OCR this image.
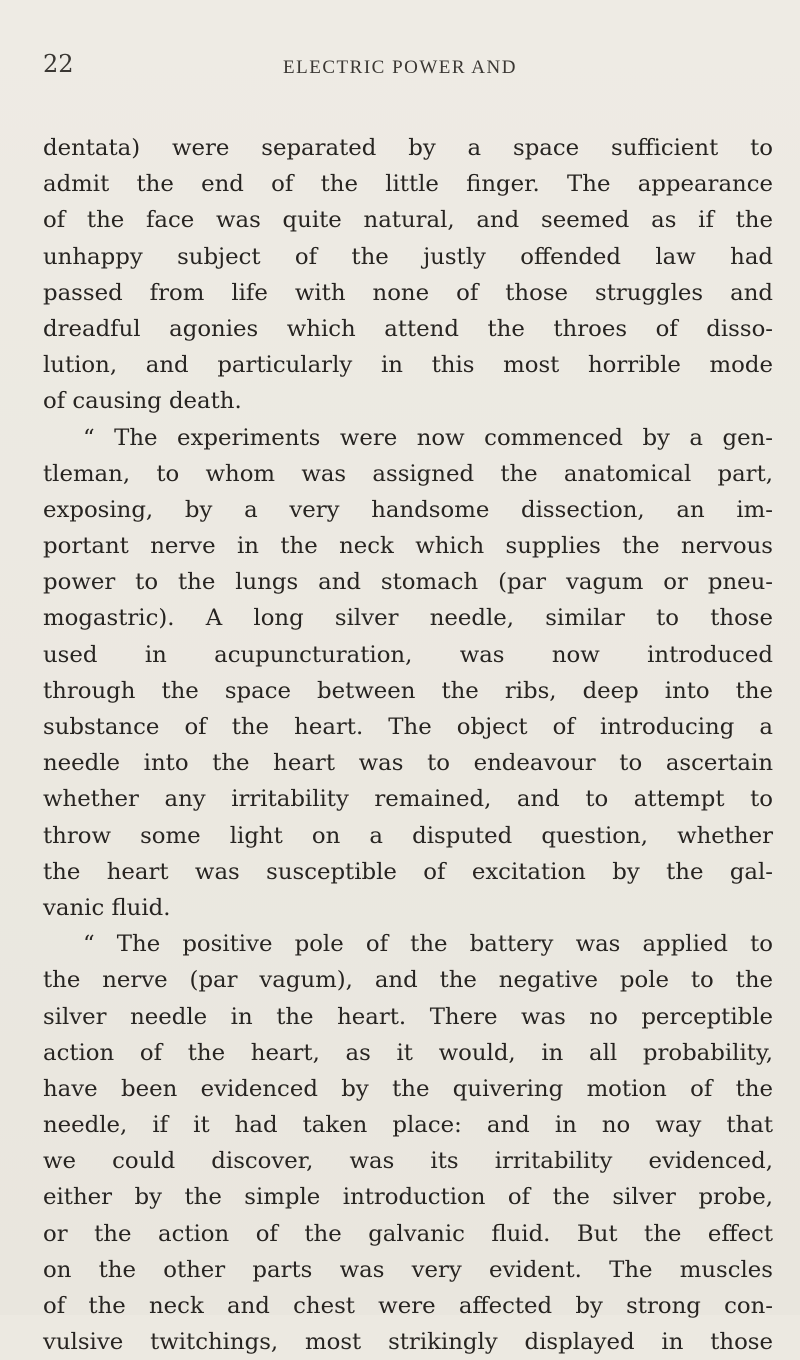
22	ELECTRIC POWER AND
dentata) were separated by a space sufficient to
admit the end of the little finger. The appearance
of the face was quite natural, and seemed as if the
unhappy subject of the justly offended law had
passed from life with none of those struggles and
dreadful agonies which attend the throes of disso-
lution, and particularly in this most horrible mode
of causing death.
“ The experiments were now commenced by a gen-
tleman, to whom was assigned the anatomical part,
exposing, by a very handsome dissection, an im-
portant nerve in the neck which supplies the nervous
power to the lungs and stomach (par vagum or pneu-
mogastric). A long silver needle, similar to those
used in acupuncturation, was now introduced
through the space between the ribs, deep into the
substance of the heart. The object of introducing a
needle into the heart was to endeavour to ascertain
whether any irritability remained, and to attempt to
throw some light on a disputed question, whether
the heart was susceptible of excitation by the gal-
vanic fluid.
“ The positive pole of the battery was applied to
the nerve (par vagum), and the negative pole to the
silver needle in the heart. There was no perceptible
action of the heart, as it would, in all probability,
have been evidenced by the quivering motion of the
needle, if it had taken place: and in no way that
we could discover, was its irritability evidenced,
either by the simple introduction of the silver probe,
or the action of the galvanic fluid. But the effect
on the other parts was very evident. The muscles
of the neck and chest were affected by strong con-
vulsive twitchings, most strikingly displayed in those
